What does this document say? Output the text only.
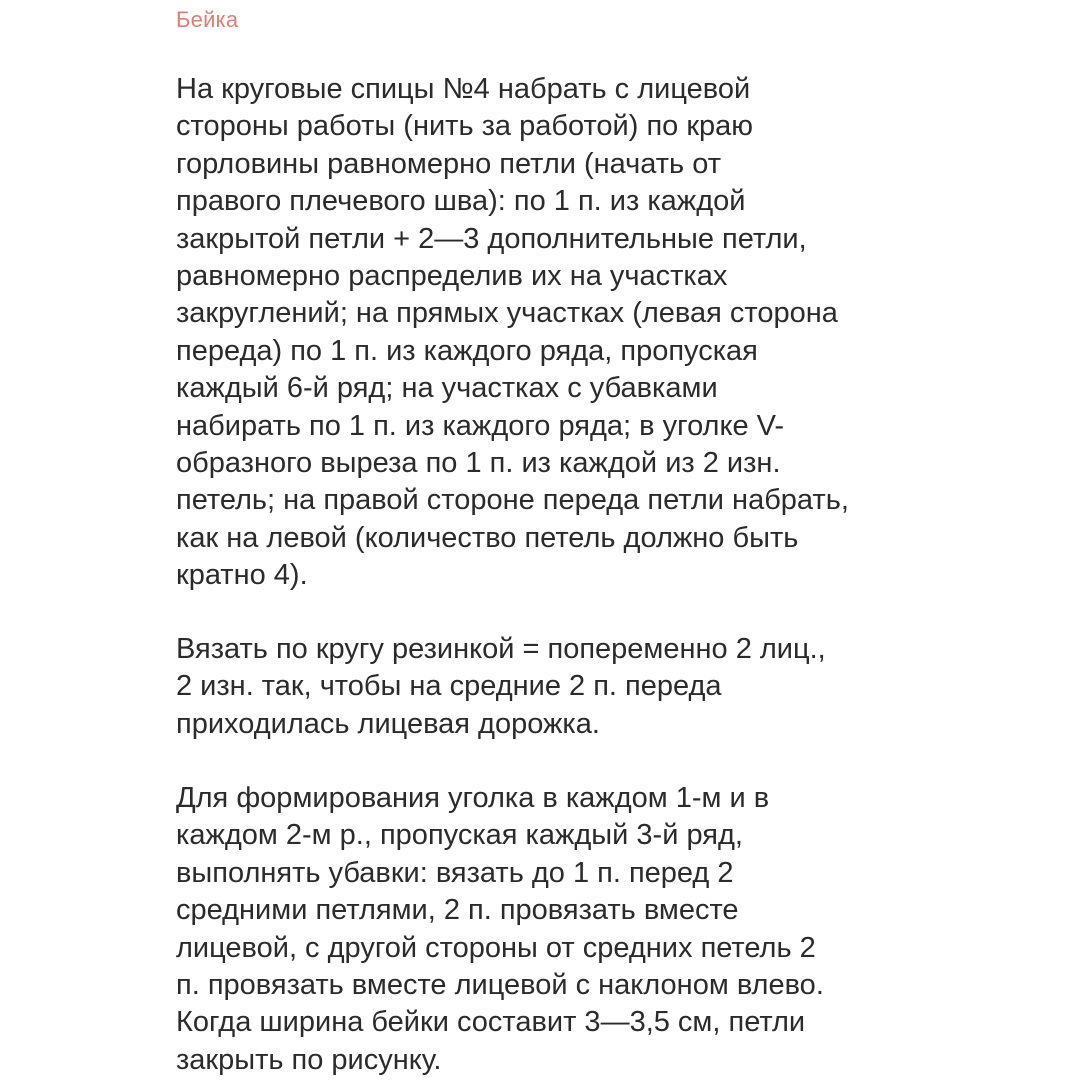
Бейка

На круговые спицы №4 набрать с лицевой
стороны работы (нить за работой) по краю
горловины равномерно петли (начать от
правого плечевого шва): по 1 п. из каждой
закрытой петли + 2—3 дополнительные петли,
равномерно распределив их на участках
закруглений; на прямых участках (левая сторона
переда) по 1 п. из каждого ряда, пропуская
каждый 6-й ряд; на участках с убавками
набирать по 1 п. из каждого ряда; в уголке V-
образного выреза по 1 п. из каждой из 2 изн.
петель; на правой стороне переда петли набрать,
как на левой (количество петель должно быть
кратно 4).

Вязать по кругу резинкой = попеременно 2 лиц.,
2 изн. так, чтобы на средние 2 п. переда
приходилась лицевая дорожка.

Для формирования уголка в каждом 1-м и в
каждом 2-м р., пропуская каждый 3-й ряд,
выполнять убавки: вязать до 1 п. перед 2
средними петлями, 2 п. провязать вместе
лицевой, с другой стороны от средних петель 2
п. провязать вместе лицевой с наклоном влево.
Когда ширина бейки составит 3—3,5 см, петли
закрыть по рисунку.
